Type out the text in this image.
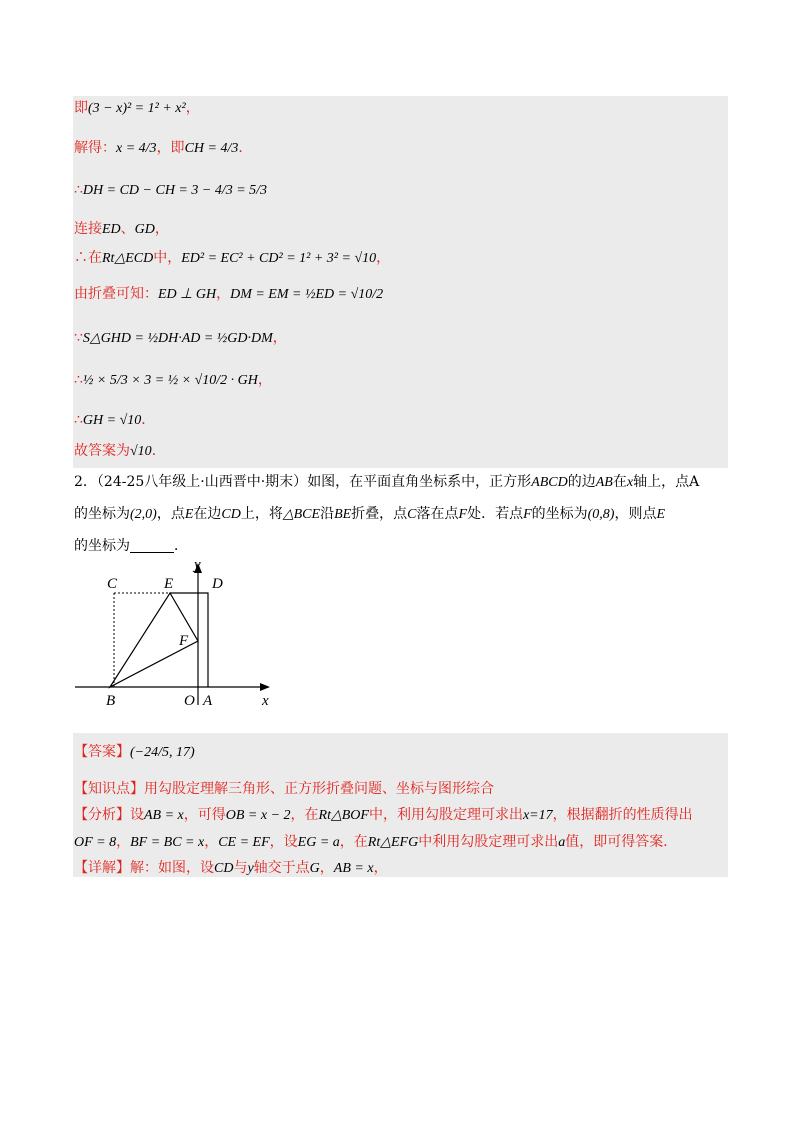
即(3 − x)² = 1² + x²，
解得：x = 4/3，即CH = 4/3．
∴DH = CD − CH = 3 − 4/3 = 5/3
连接ED、GD，
∴在Rt△ECD中，ED² = EC² + CD² = 1² + 3² = √10，
由折叠可知：ED ⊥ GH，DM = EM = ½ED = √10/2
∵S△GHD = ½DH·AD = ½GD·DM，
∴½ × 5/3 × 3 = ½ × √10/2 · GH，
∴GH = √10．
故答案为√10．
2．（24-25八年级上·山西晋中·期末）如图，在平面直角坐标系中，正方形ABCD的边AB在x轴上，点A
的坐标为(2,0)，点E在边CD上，将△BCE沿BE折叠，点C落在点F处．若点F的坐标为(0,8)，则点E
的坐标为	．
C	E	D
y
F
B	O A	x
【答案】(−24/5, 17)
【知识点】用勾股定理解三角形、正方形折叠问题、坐标与图形综合
【分析】设AB = x，可得OB = x − 2，在Rt△BOF中，利用勾股定理可求出x=17，根据翻折的性质得出
OF = 8，BF = BC = x，CE = EF，设EG = a，在Rt△EFG中利用勾股定理可求出a值，即可得答案．
【详解】解：如图，设CD与y轴交于点G，AB = x，
